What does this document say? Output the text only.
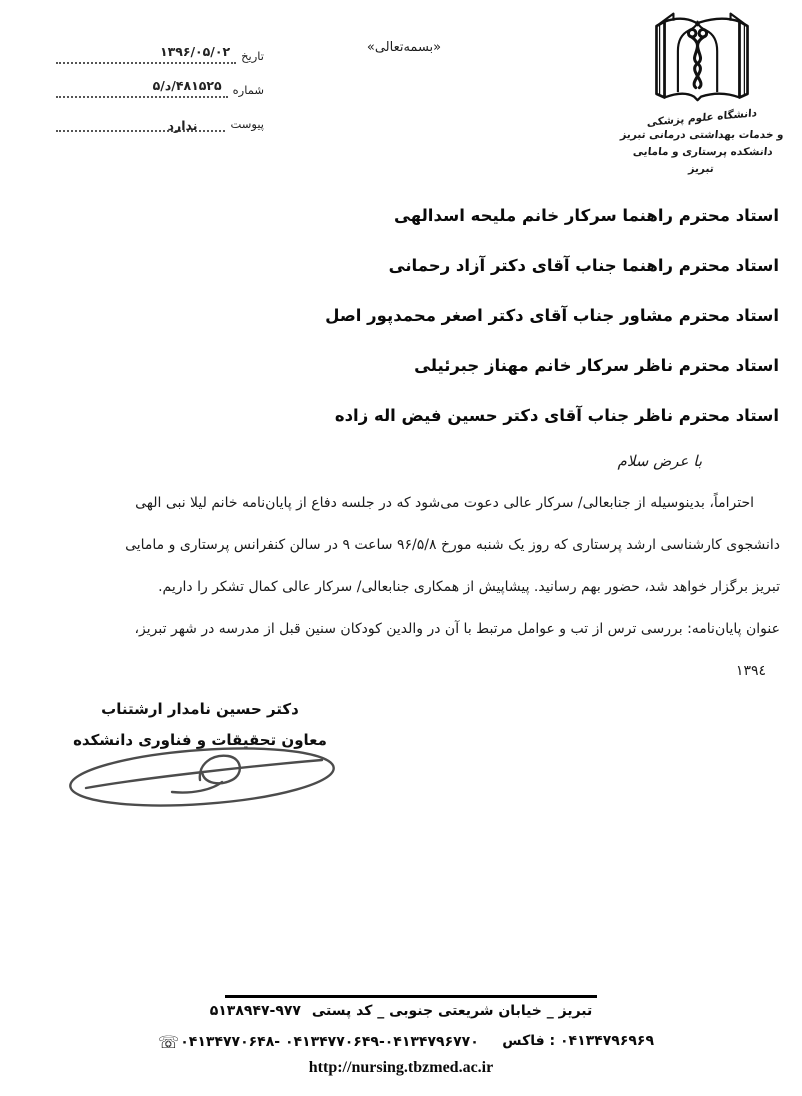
تاریخ
۱۳۹۶/۰۵/۰۲
شماره
۵/د/۴۸۱۵۲۵
پیوست
ندارد
«بسمه‌تعالی»
دانشگاه علوم پزشکی
و خدمات بهداشتی درمانی تبریز
دانشکده پرستاری و مامایی تبریز
استاد محترم راهنما سرکار خانم ملیحه اسدالهی
استاد محترم راهنما جناب آقای دکتر آزاد رحمانی
استاد محترم مشاور جناب آقای دکتر اصغر محمدپور اصل
استاد محترم ناظر سرکار خانم مهناز جبرئیلی
استاد محترم ناظر جناب آقای دکتر حسین فیض اله زاده
با عرض سلام
احتراماً، بدینوسیله از جنابعالی/ سرکار عالی دعوت می‌شود که در جلسه دفاع از پایان‌نامه خانم لیلا نبی الهی
دانشجوی کارشناسی ارشد پرستاری که روز یک شنبه مورخ ۹۶/۵/۸ ساعت ۹ در سالن کنفرانس پرستاری و مامایی
تبریز برگزار خواهد شد، حضور بهم رسانید. پیشاپیش از همکاری جنابعالی/ سرکار عالی کمال تشکر را داریم.
عنوان پایان‌نامه: بررسی ترس از تب و عوامل مرتبط با آن در والدین کودکان سنین قبل از مدرسه در شهر تبریز،
۱۳۹٤
دکتر حسین نامدار ارشتناب
معاون تحقیقات و فناوری دانشکده
تبریز _ خیابان شریعتی جنوبی _ کد پستی ۵۱۳۸۹۴۷-۹۷۷
☏۰۴۱۳۴۷۷۰۶۴۸- ۰۴۱۳۴۷۷۰۶۴۹-۰۴۱۳۴۷۹۶۷۷۰ فاکس : ۰۴۱۳۴۷۹۶۹۶۹
http://nursing.tbzmed.ac.ir
